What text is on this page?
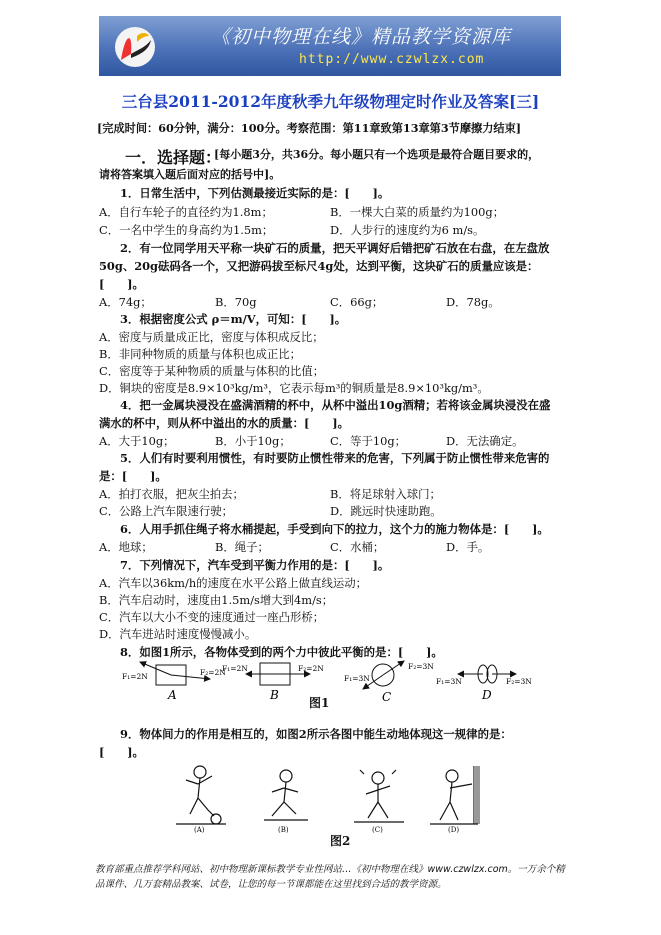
《初中物理在线》精品教学资源库
http://www.czwlzx.com
三台县2011-2012年度秋季九年级物理定时作业及答案[三]
[完成时间：60分钟，满分：100分。考察范围：第11章致第13章第3节摩擦力结束]
一．选择题：
[每小题3分，共36分。每小题只有一个选项是最符合题目要求的，
请将答案填入题后面对应的括号中]。
1．日常生活中，下列估测最接近实际的是：[　　]。
A．自行车轮子的直径约为1.8m；	B．一棵大白菜的质量约为100g；
C．一名中学生的身高约为1.5m；	D．人步行的速度约为6 m/s。
2．有一位同学用天平称一块矿石的质量，把天平调好后错把矿石放在右盘，在左盘放
50g、20g砝码各一个，又把游码拔至标尺4g处，达到平衡，这块矿石的质量应该是：
[　　]。
A．74g；	B．70g	C．66g；	D．78g。
3．根据密度公式 ρ＝m/V，可知：[　　]。
A．密度与质量成正比，密度与体积成反比；
B．非同种物质的质量与体积也成正比；
C．密度等于某种物质的质量与体积的比值；
D．铜块的密度是8.9×10³kg/m³，它表示每m³的铜质量是8.9×10³kg/m³。
4．把一金属块浸没在盛满酒精的杯中，从杯中溢出10g酒精；若将该金属块浸没在盛
满水的杯中，则从杯中溢出的水的质量：[　　]。
A．大于10g；	B．小于10g；	C．等于10g；	D．无法确定。
5．人们有时要利用惯性，有时要防止惯性带来的危害，下列属于防止惯性带来危害的
是：[　　]。
A．拍打衣服，把灰尘拍去；	B．将足球射入球门；
C．公路上汽车限速行驶；	D．跳远时快速助跑。
6．人用手抓住绳子将水桶提起，手受到向下的拉力，这个力的施力物体是：[　　]。
A．地球；	B．绳子；	C．水桶；	D．手。
7．下列情况下，汽车受到平衡力作用的是：[　　]。
A．汽车以36km/h的速度在水平公路上做直线运动；
B．汽车启动时，速度由1.5m/s增大到4m/s；
C．汽车以大小不变的速度通过一座凸形桥；
D．汽车进站时速度慢慢减小。
8．如图1所示，各物体受到的两个力中彼此平衡的是：[　　]。
F₁=2N	F₂=2N
A
F₁=2N	F₂=2N
B
F₁=3N
F₂=3N
C
F₁=3N	F₂=3N
D
图1
9．物体间力的作用是相互的，如图2所示各图中能生动地体现这一规律的是：
[　　]。
(A)	(B)	(C)	(D)
图2
教育部重点推荐学科网站、初中物理新课标教学专业性网站…《初中物理在线》www.czwlzx.com。一万余个精品课件、几万套精品教案、试卷，让您的每一节课都能在这里找到合适的教学资源。
